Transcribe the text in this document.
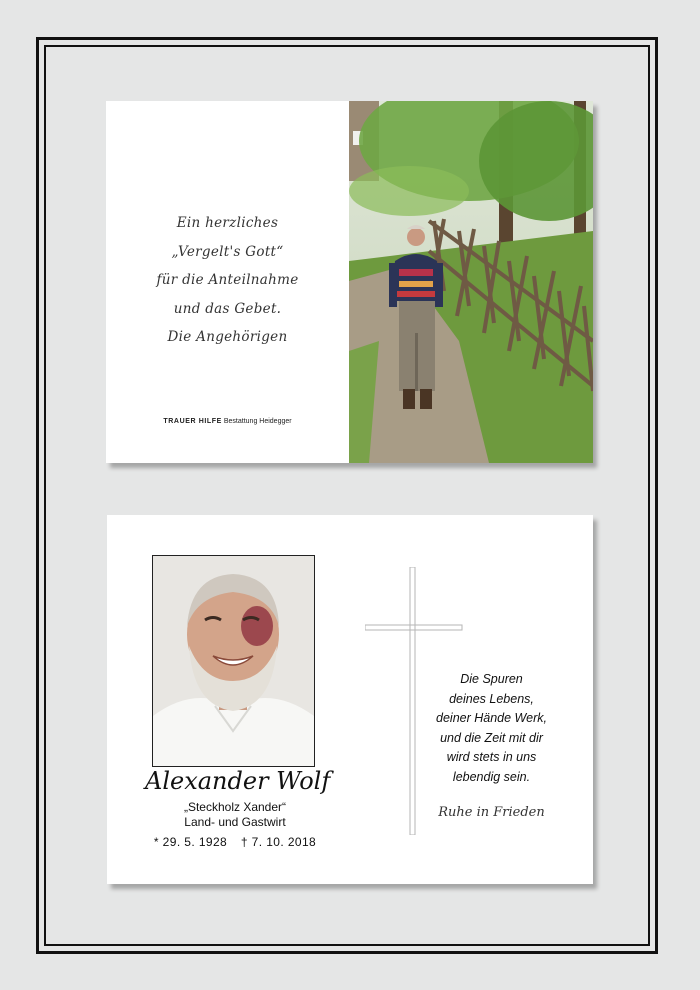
Ein herzliches
„Vergelt's Gott“
für die Anteilnahme
und das Gebet.
Die Angehörigen
TRAUER HILFE Bestattung Heidegger
Alexander Wolf
„Steckholz Xander“
Land- und Gastwirt
* 29. 5. 1928 † 7. 10. 2018
Die Spuren
deines Lebens,
deiner Hände Werk,
und die Zeit mit dir
wird stets in uns
lebendig sein.
Ruhe in Frieden
